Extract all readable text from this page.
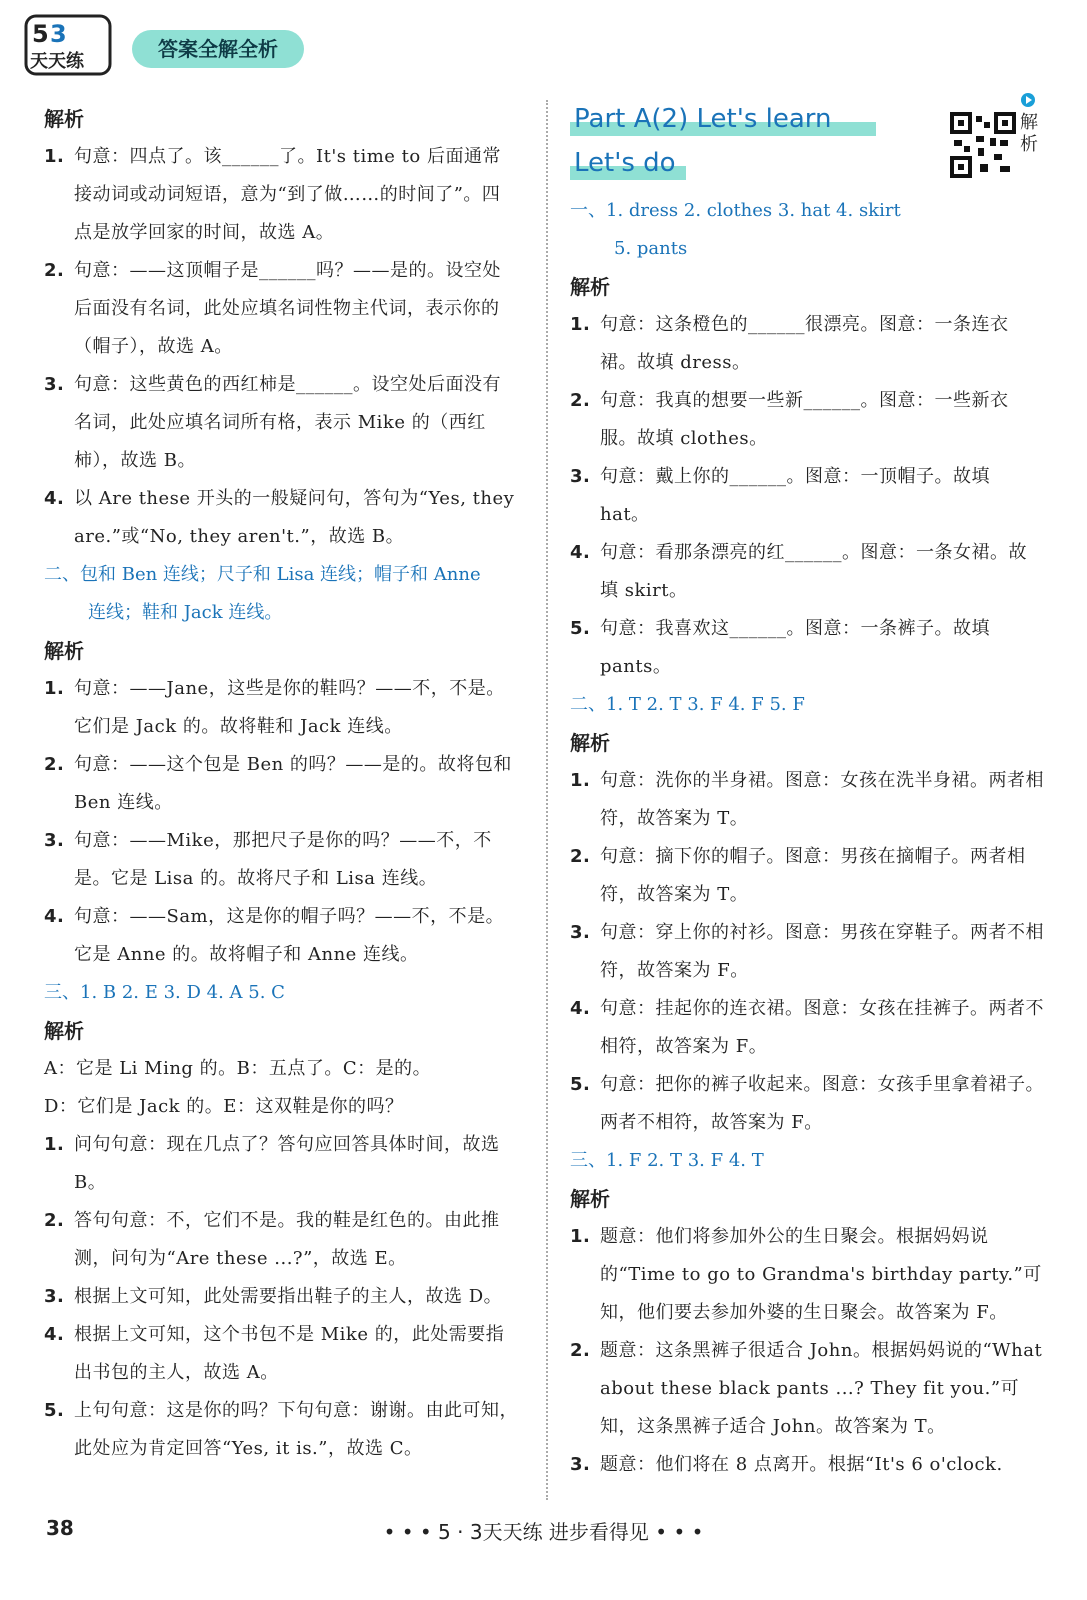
5 3
天天练
答案全解全析
解析
1. 句意：四点了。该______了。It's time to 后面通常接动词或动词短语，意为“到了做……的时间了”。四点是放学回家的时间，故选 A。
2. 句意：——这顶帽子是______吗？——是的。设空处后面没有名词，此处应填名词性物主代词，表示你的（帽子），故选 A。
3. 句意：这些黄色的西红柿是______。设空处后面没有名词，此处应填名词所有格，表示 Mike 的（西红柿），故选 B。
4. 以 Are these 开头的一般疑问句，答句为“Yes, they are.”或“No, they aren't.”，故选 B。
二、包和 Ben 连线；尺子和 Lisa 连线；帽子和 Anne
连线；鞋和 Jack 连线。
解析
1. 句意：——Jane，这些是你的鞋吗？——不，不是。它们是 Jack 的。故将鞋和 Jack 连线。
2. 句意：——这个包是 Ben 的吗？——是的。故将包和 Ben 连线。
3. 句意：——Mike，那把尺子是你的吗？——不，不是。它是 Lisa 的。故将尺子和 Lisa 连线。
4. 句意：——Sam，这是你的帽子吗？——不，不是。它是 Anne 的。故将帽子和 Anne 连线。
三、1. B 2. E 3. D 4. A 5. C
解析
A：它是 Li Ming 的。B：五点了。C：是的。
D：它们是 Jack 的。E：这双鞋是你的吗？
1. 问句句意：现在几点了？答句应回答具体时间，故选 B。
2. 答句句意：不，它们不是。我的鞋是红色的。由此推测，问句为“Are these ...?”，故选 E。
3. 根据上文可知，此处需要指出鞋子的主人，故选 D。
4. 根据上文可知，这个书包不是 Mike 的，此处需要指出书包的主人，故选 A。
5. 上句句意：这是你的吗？下句句意：谢谢。由此可知，此处应为肯定回答“Yes, it is.”，故选 C。
Part A(2) Let's learn
Let's do
解析
一、1. dress 2. clothes 3. hat 4. skirt
5. pants
解析
1. 句意：这条橙色的______很漂亮。图意：一条连衣裙。故填 dress。
2. 句意：我真的想要一些新______。图意：一些新衣服。故填 clothes。
3. 句意：戴上你的______。图意：一顶帽子。故填 hat。
4. 句意：看那条漂亮的红______。图意：一条女裙。故填 skirt。
5. 句意：我喜欢这______。图意：一条裤子。故填 pants。
二、1. T 2. T 3. F 4. F 5. F
解析
1. 句意：洗你的半身裙。图意：女孩在洗半身裙。两者相符，故答案为 T。
2. 句意：摘下你的帽子。图意：男孩在摘帽子。两者相符，故答案为 T。
3. 句意：穿上你的衬衫。图意：男孩在穿鞋子。两者不相符，故答案为 F。
4. 句意：挂起你的连衣裙。图意：女孩在挂裤子。两者不相符，故答案为 F。
5. 句意：把你的裤子收起来。图意：女孩手里拿着裙子。两者不相符，故答案为 F。
三、1. F 2. T 3. F 4. T
解析
1. 题意：他们将参加外公的生日聚会。根据妈妈说的“Time to go to Grandma's birthday party.”可知，他们要去参加外婆的生日聚会。故答案为 F。
2. 题意：这条黑裤子很适合 John。根据妈妈说的“What about these black pants ...? They fit you.”可知，这条黑裤子适合 John。故答案为 T。
3. 题意：他们将在 8 点离开。根据“It's 6 o'clock.
38	• • • 5 · 3天天练 进步看得见 • • •
